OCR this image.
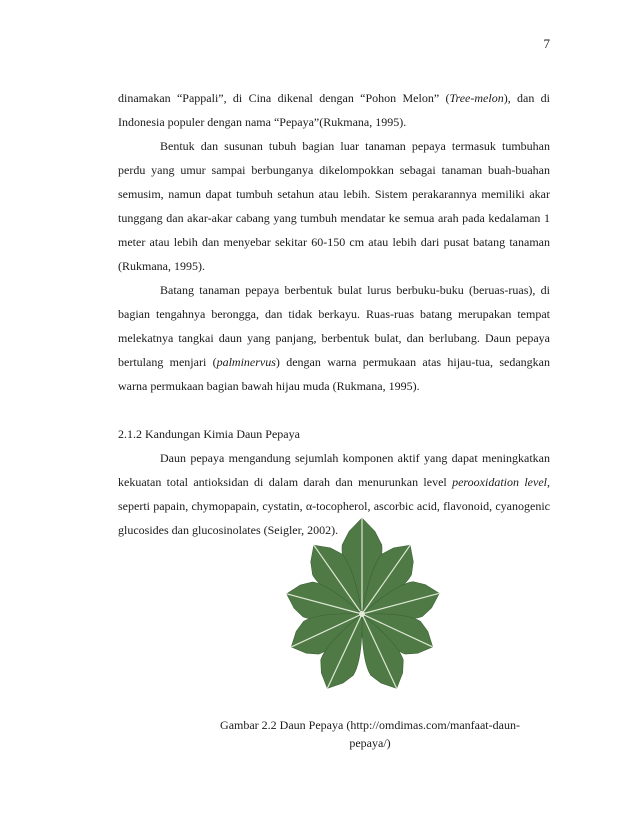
7

dinamakan “Pappali”, di Cina dikenal dengan “Pohon Melon” (Tree-melon), dan di Indonesia populer dengan nama “Pepaya”(Rukmana, 1995).

Bentuk dan susunan tubuh bagian luar tanaman pepaya termasuk tumbuhan perdu yang umur sampai berbunganya dikelompokkan sebagai tanaman buah-buahan semusim, namun dapat tumbuh setahun atau lebih. Sistem perakarannya memiliki akar tunggang dan akar-akar cabang yang tumbuh mendatar ke semua arah pada kedalaman 1 meter atau lebih dan menyebar sekitar 60-150 cm atau lebih dari pusat batang tanaman (Rukmana, 1995).

Batang tanaman pepaya berbentuk bulat lurus berbuku-buku (beruas-ruas), di bagian tengahnya berongga, dan tidak berkayu. Ruas-ruas batang merupakan tempat melekatnya tangkai daun yang panjang, berbentuk bulat, dan berlubang. Daun pepaya bertulang menjari (palminervus) dengan warna permukaan atas hijau-tua, sedangkan warna permukaan bagian bawah hijau muda (Rukmana, 1995).

2.1.2 Kandungan Kimia Daun Pepaya

Daun pepaya mengandung sejumlah komponen aktif yang dapat meningkatkan kekuatan total antioksidan di dalam darah dan menurunkan level perooxidation level, seperti papain, chymopapain, cystatin, α-tocopherol, ascorbic acid, flavonoid, cyanogenic glucosides dan glucosinolates (Seigler, 2002).

Gambar 2.2 Daun Pepaya (http://omdimas.com/manfaat-daun-pepaya/)
